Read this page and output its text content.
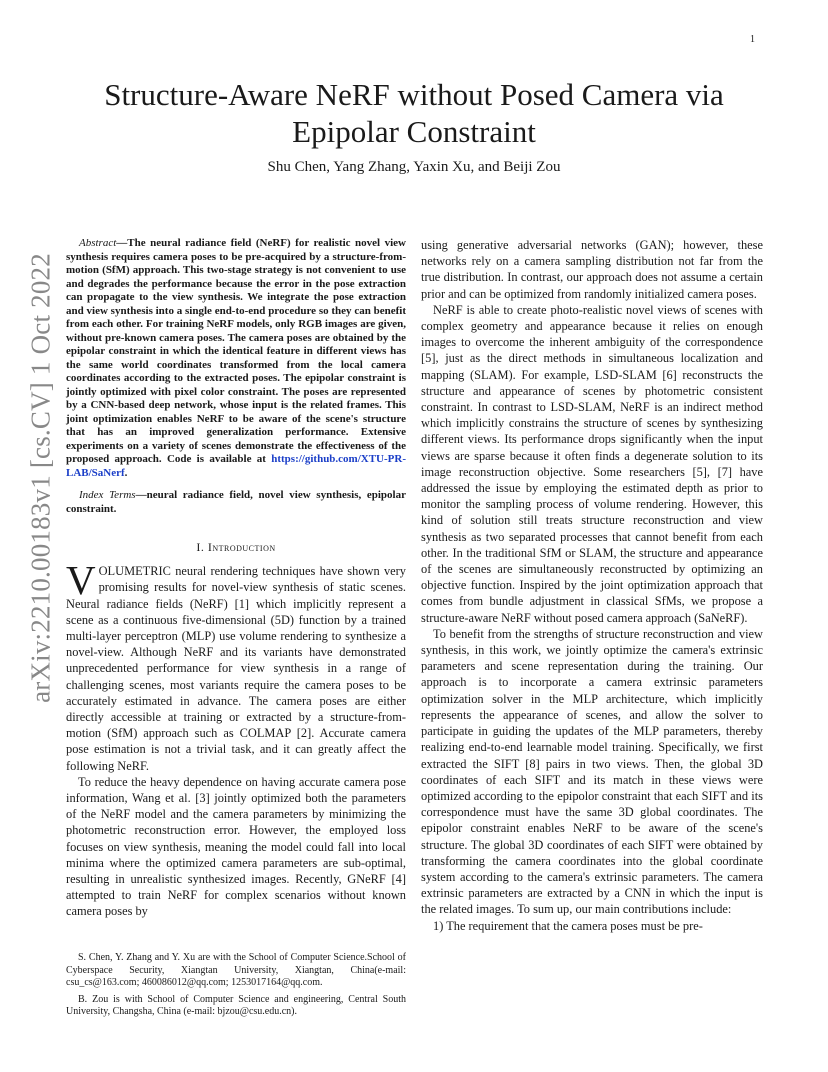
1
arXiv:2210.00183v1 [cs.CV] 1 Oct 2022
Structure-Aware NeRF without Posed Camera via Epipolar Constraint
Shu Chen, Yang Zhang, Yaxin Xu, and Beiji Zou

Abstract—The neural radiance field (NeRF) for realistic novel view synthesis requires camera poses to be pre-acquired by a structure-from-motion (SfM) approach. This two-stage strategy is not convenient to use and degrades the performance because the error in the pose extraction can propagate to the view synthesis. We integrate the pose extraction and view synthesis into a single end-to-end procedure so they can benefit from each other. For training NeRF models, only RGB images are given, without pre-known camera poses. The camera poses are obtained by the epipolar constraint in which the identical feature in different views has the same world coordinates transformed from the local camera coordinates according to the extracted poses. The epipolar constraint is jointly optimized with pixel color constraint. The poses are represented by a CNN-based deep network, whose input is the related frames. This joint optimization enables NeRF to be aware of the scene's structure that has an improved generalization performance. Extensive experiments on a variety of scenes demonstrate the effectiveness of the proposed approach. Code is available at https://github.com/XTU-PR-LAB/SaNerf.

Index Terms—neural radiance field, novel view synthesis, epipolar constraint.

I. Introduction

VOLUMETRIC neural rendering techniques have shown very promising results for novel-view synthesis of static scenes. Neural radiance fields (NeRF) [1] which implicitly represent a scene as a continuous five-dimensional (5D) function by a trained multi-layer perceptron (MLP) use volume rendering to synthesize a novel-view. Although NeRF and its variants have demonstrated unprecedented performance for view synthesis in a range of challenging scenes, most variants require the camera poses to be accurately estimated in advance. The camera poses are either directly accessible at training or extracted by a structure-from-motion (SfM) approach such as COLMAP [2]. Accurate camera pose estimation is not a trivial task, and it can greatly affect the following NeRF.

To reduce the heavy dependence on having accurate camera pose information, Wang et al. [3] jointly optimized both the parameters of the NeRF model and the camera parameters by minimizing the photometric reconstruction error. However, the employed loss focuses on view synthesis, meaning the model could fall into local minima where the optimized camera parameters are sub-optimal, resulting in unrealistic synthesized images. Recently, GNeRF [4] attempted to train NeRF for complex scenarios without known camera poses by

S. Chen, Y. Zhang and Y. Xu are with the School of Computer Science.School of Cyberspace Security, Xiangtan University, Xiangtan, China(e-mail: csu_cs@163.com; 460086012@qq.com; 1253017164@qq.com.

B. Zou is with School of Computer Science and engineering, Central South University, Changsha, China (e-mail: bjzou@csu.edu.cn).

using generative adversarial networks (GAN); however, these networks rely on a camera sampling distribution not far from the true distribution. In contrast, our approach does not assume a certain prior and can be optimized from randomly initialized camera poses.

NeRF is able to create photo-realistic novel views of scenes with complex geometry and appearance because it relies on enough images to overcome the inherent ambiguity of the correspondence [5], just as the direct methods in simultaneous localization and mapping (SLAM). For example, LSD-SLAM [6] reconstructs the structure and appearance of scenes by photometric consistent constraint. In contrast to LSD-SLAM, NeRF is an indirect method which implicitly constrains the structure of scenes by synthesizing different views. Its performance drops significantly when the input views are sparse because it often finds a degenerate solution to its image reconstruction objective. Some researchers [5], [7] have addressed the issue by employing the estimated depth as prior to monitor the sampling process of volume rendering. However, this kind of solution still treats structure reconstruction and view synthesis as two separated processes that cannot benefit from each other. In the traditional SfM or SLAM, the structure and appearance of the scenes are simultaneously reconstructed by optimizing an objective function. Inspired by the joint optimization approach that comes from bundle adjustment in classical SfMs, we propose a structure-aware NeRF without posed camera approach (SaNeRF).

To benefit from the strengths of structure reconstruction and view synthesis, in this work, we jointly optimize the camera's extrinsic parameters and scene representation during the training. Our approach is to incorporate a camera extrinsic parameters optimization solver in the MLP architecture, which implicitly represents the appearance of scenes, and allow the solver to participate in guiding the updates of the MLP parameters, thereby realizing end-to-end learnable model training. Specifically, we first extracted the SIFT [8] pairs in two views. Then, the global 3D coordinates of each SIFT and its match in these views were optimized according to the epipolor constraint that each SIFT and its correspondence must have the same 3D global coordinates. The epipolor constraint enables NeRF to be aware of the scene's structure. The global 3D coordinates of each SIFT were obtained by transforming the camera coordinates into the global coordinate system according to the camera's extrinsic parameters. The camera extrinsic parameters are extracted by a CNN in which the input is the related images. To sum up, our main contributions include:

1) The requirement that the camera poses must be pre-
